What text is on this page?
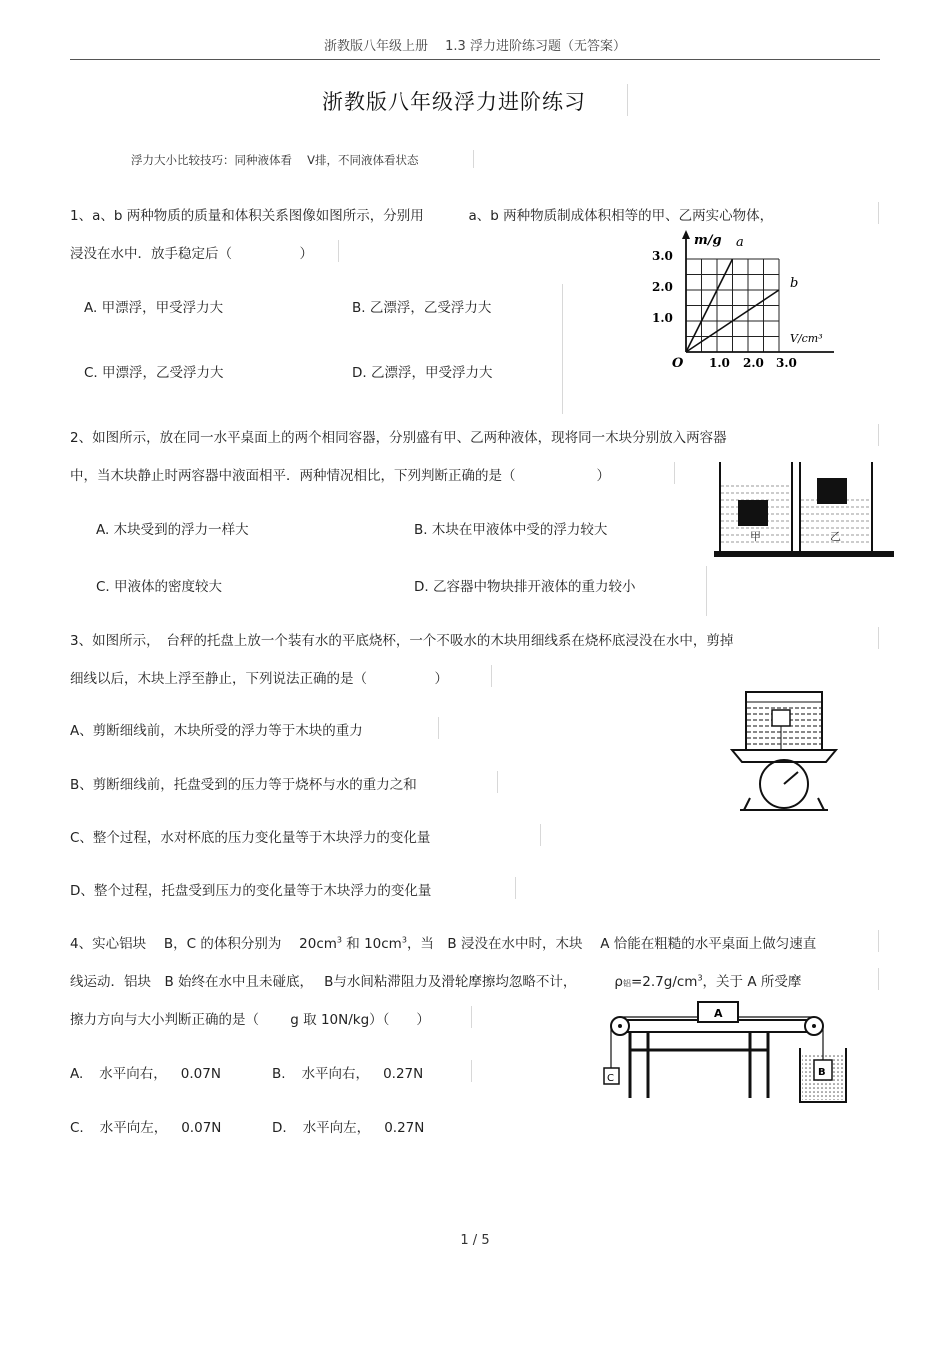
浙教版八年级上册　 1.3 浮力进阶练习题（无答案）
浙教版八年级浮力进阶练习
浮力大小比较技巧：同种液体看　 V排，不同液体看状态
1、a、b 两种物质的质量和体积关系图像如图所示，分别用　　　 a、b 两种物质制成体积相等的甲、乙两实心物体，
浸没在水中．放手稳定后（　　　　　）
A. 甲漂浮，甲受浮力大	B. 乙漂浮，乙受浮力大
C. 甲漂浮，乙受浮力大	D. 乙漂浮，甲受浮力大
m/g
V/cm³
3.0
2.0
1.0
1.0 2.0 3.0
O
a
b
2、如图所示，放在同一水平桌面上的两个相同容器，分别盛有甲、乙两种液体，现将同一木块分别放入两容器
中，当木块静止时两容器中液面相平．两种情况相比，下列判断正确的是（　　　　　　）
A. 木块受到的浮力一样大	B. 木块在甲液体中受的浮力较大
C. 甲液体的密度较大	D. 乙容器中物块排开液体的重力较小
甲	乙
3、如图所示，　台秤的托盘上放一个装有水的平底烧杯，一个不吸水的木块用细线系在烧杯底浸没在水中，剪掉
细线以后，木块上浮至静止，下列说法正确的是（　　　　　）
A、剪断细线前，木块所受的浮力等于木块的重力
B、剪断细线前，托盘受到的压力等于烧杯与水的重力之和
C、整个过程，水对杯底的压力变化量等于木块浮力的变化量
D、整个过程，托盘受到压力的变化量等于木块浮力的变化量
4、实心铝块　 B，C 的体积分别为　 $20cm^3$ 和 $10cm^3$，当　B 浸没在水中时，木块　 A 恰能在粗糙的水平桌面上做匀速直
线运动．铝块　B 始终在水中且未碰底，　 B与水间粘滞阻力及滑轮摩擦均忽略不计，　　　 ρ铝$=2.7g/cm^3$，关于 A 所受摩
擦力方向与大小判断正确的是（　　 g 取 10N/kg）（　　）
A. 水平向右， 0.07N	B. 水平向右， 0.27N
C. 水平向左， 0.07N	D. 水平向左， 0.27N
A
C
B
1 / 5
